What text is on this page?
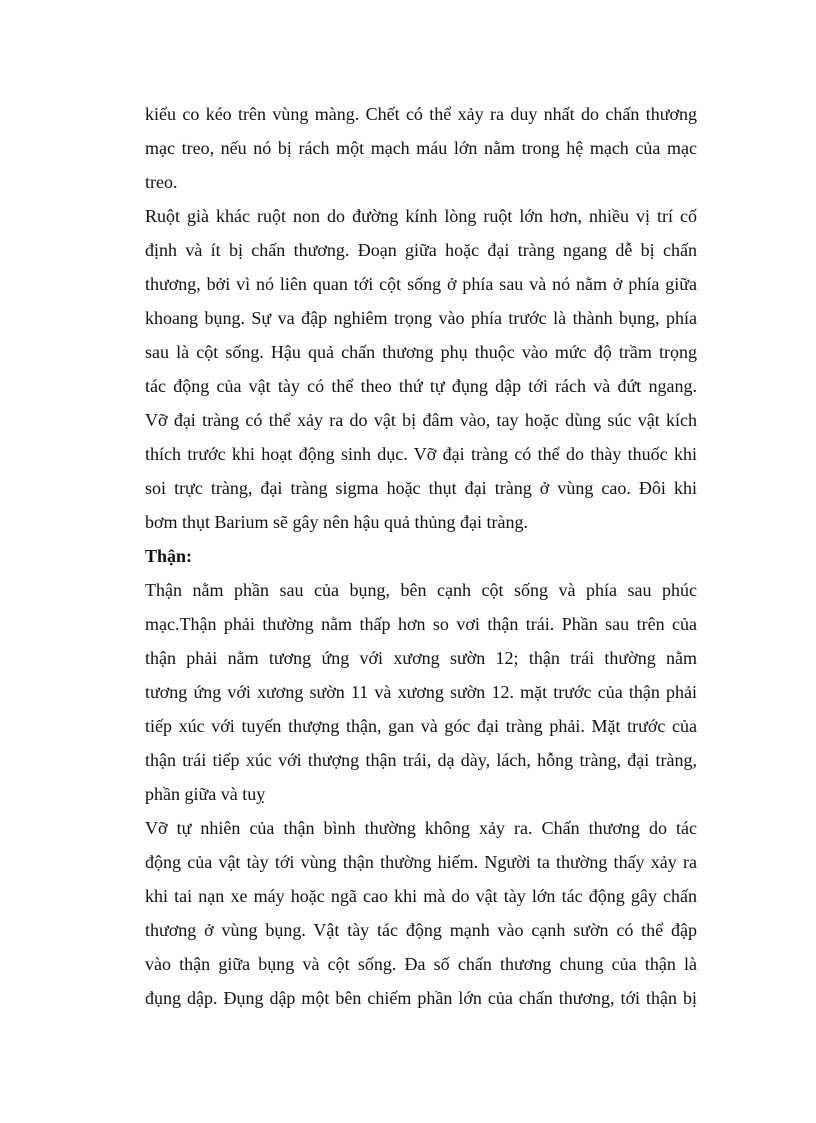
kiểu co kéo trên vùng màng. Chết có thể xảy ra duy nhất do chấn thương
mạc treo, nếu nó bị rách một mạch máu lớn nằm trong hệ mạch của mạc
treo.
Ruột già khác ruột non do đường kính lòng ruột lớn hơn, nhiều vị trí cố
định và ít bị chấn thương. Đoạn giữa hoặc đại tràng ngang dễ bị chấn
thương, bởi vì nó liên quan tới cột sống ở phía sau và nó nằm ở phía giữa
khoang bụng. Sự va đập nghiêm trọng vào phía trước là thành bụng, phía
sau là cột sống. Hậu quả chấn thương phụ thuộc vào mức độ trầm trọng
tác động của vật tày có thể theo thứ tự đụng dập tới rách và đứt ngang.
Vỡ đại tràng có thể xảy ra do vật bị đâm vào, tay hoặc dùng súc vật kích
thích trước khi hoạt động sinh dục. Vỡ đại tràng có thể do thày thuốc khi
soi trực tràng, đại tràng sigma hoặc thụt đại tràng ở vùng cao. Đôi khi
bơm thụt Barium sẽ gây nên hậu quả thủng đại tràng.
Thận:
Thận nằm phần sau của bụng, bên cạnh cột sống và phía sau phúc
mạc.Thận phải thường nằm thấp hơn so vơi thận trái. Phần sau trên của
thận phải nằm tương ứng với xương sườn 12; thận trái thường nằm
tương ứng với xương sườn 11 và xương sườn 12. mặt trước của thận phải
tiếp xúc với tuyến thượng thận, gan và góc đại tràng phải. Mặt trước của
thận trái tiếp xúc với thượng thận trái, dạ dày, lách, hỗng tràng, đại tràng,
phần giữa và tuỵ
Vỡ tự nhiên của thận bình thường không xảy ra. Chấn thương do tác
động của vật tày tới vùng thận thường hiếm. Người ta thường thấy xảy ra
khi tai nạn xe máy hoặc ngã cao khi mà do vật tày lớn tác động gây chấn
thương ở vùng bụng. Vật tày tác động mạnh vào cạnh sườn có thể đập
vào thận giữa bụng và cột sống. Đa số chấn thương chung của thận là
đụng dập. Đụng dập một bên chiếm phần lớn của chấn thương, tới thận bị
